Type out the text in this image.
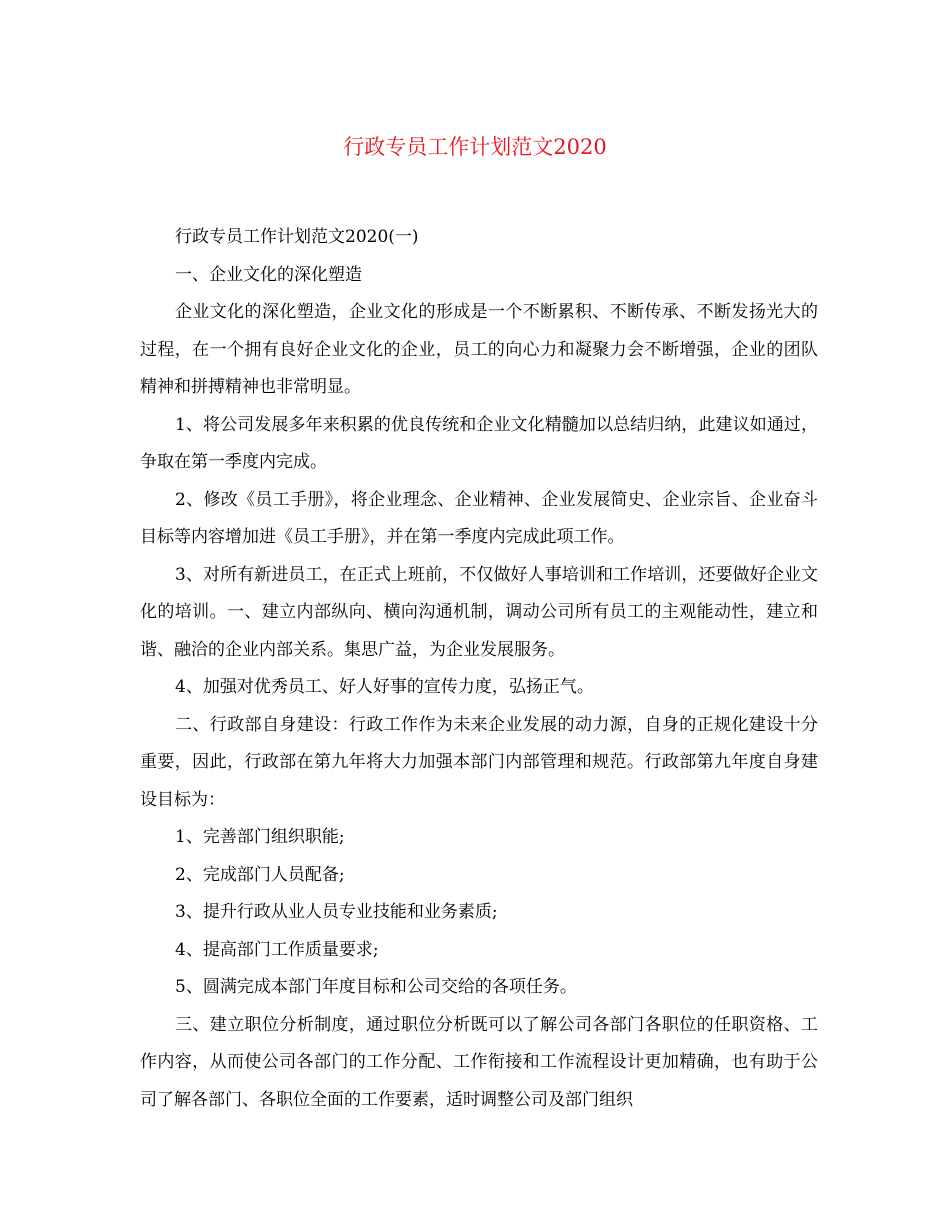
行政专员工作计划范文2020

行政专员工作计划范文2020(一)

一、企业文化的深化塑造

企业文化的深化塑造，企业文化的形成是一个不断累积、不断传承、不断发扬光大的过程，在一个拥有良好企业文化的企业，员工的向心力和凝聚力会不断增强，企业的团队精神和拼搏精神也非常明显。

1、将公司发展多年来积累的优良传统和企业文化精髓加以总结归纳，此建议如通过，争取在第一季度内完成。

2、修改《员工手册》，将企业理念、企业精神、企业发展简史、企业宗旨、企业奋斗目标等内容增加进《员工手册》，并在第一季度内完成此项工作。

3、对所有新进员工，在正式上班前，不仅做好人事培训和工作培训，还要做好企业文化的培训。一、建立内部纵向、横向沟通机制，调动公司所有员工的主观能动性，建立和谐、融洽的企业内部关系。集思广益，为企业发展服务。

4、加强对优秀员工、好人好事的宣传力度，弘扬正气。

二、行政部自身建设：行政工作作为未来企业发展的动力源，自身的正规化建设十分重要，因此，行政部在第九年将大力加强本部门内部管理和规范。行政部第九年度自身建设目标为：

1、完善部门组织职能;

2、完成部门人员配备;

3、提升行政从业人员专业技能和业务素质;

4、提高部门工作质量要求;

5、圆满完成本部门年度目标和公司交给的各项任务。

三、建立职位分析制度，通过职位分析既可以了解公司各部门各职位的任职资格、工作内容，从而使公司各部门的工作分配、工作衔接和工作流程设计更加精确，也有助于公司了解各部门、各职位全面的工作要素，适时调整公司及部门组织
